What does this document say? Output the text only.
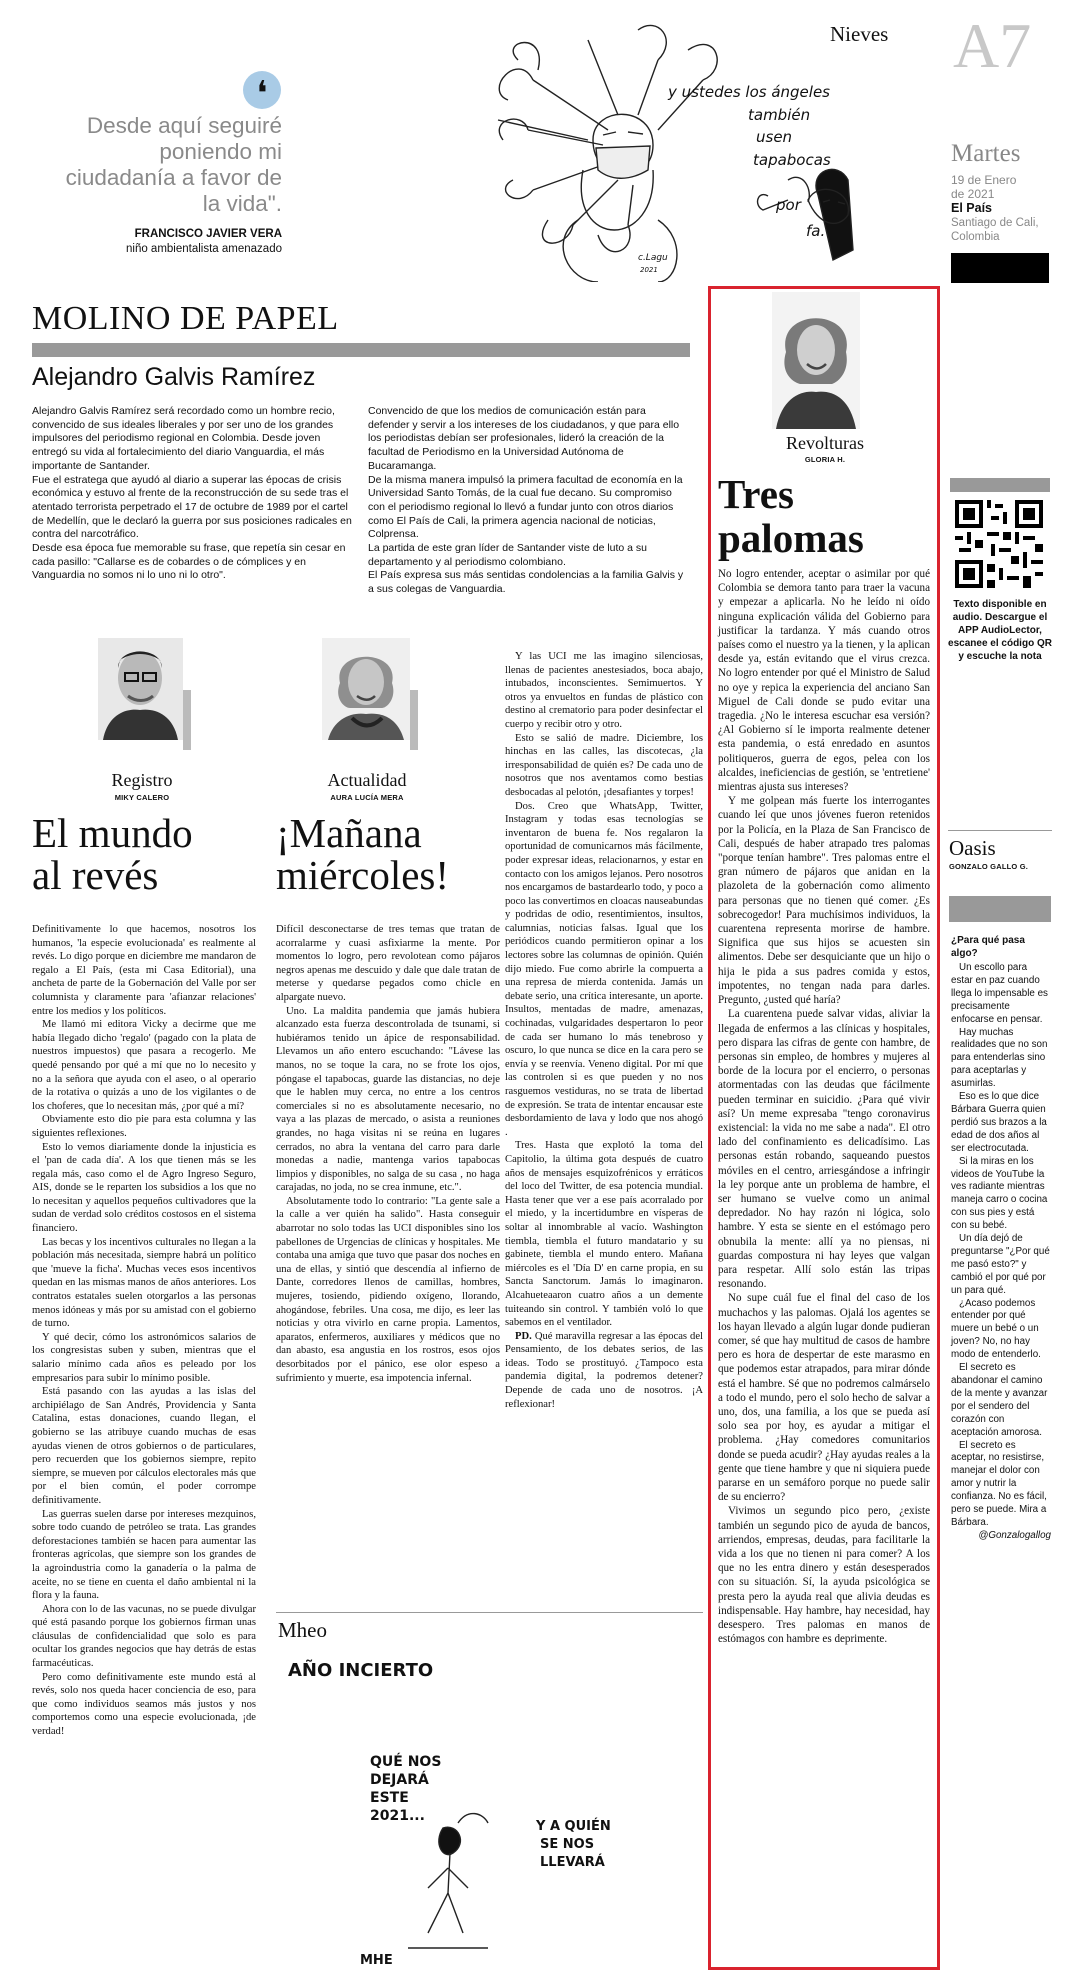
Nieves A7
Martes
19 de Enero
de 2021
El País
Santiago de Cali,
Colombia
❛
Desde aquí seguiré
poniendo mi
ciudadanía a favor de
la vida".
FRANCISCO JAVIER VERA
niño ambientalista amenazado
y ustedes los ángeles
también
usen
tapabocas
por
fa.
c.Lagu
2021
MOLINO DE PAPEL
Alejandro Galvis Ramírez

Alejandro Galvis Ramírez será recordado como un hombre recio, convencido de sus ideales liberales y por ser uno de los grandes impulsores del periodismo regional en Colombia. Desde joven entregó su vida al fortalecimiento del diario Vanguardia, el más importante de Santander.

Fue el estratega que ayudó al diario a superar las épocas de crisis económica y estuvo al frente de la reconstrucción de su sede tras el atentado terrorista perpetrado el 17 de octubre de 1989 por el cartel de Medellín, que le declaró la guerra por sus posiciones radicales en contra del narcotráfico.

Desde esa época fue memorable su frase, que repetía sin cesar en cada pasillo: "Callarse es de cobardes o de cómplices y en Vanguardia no somos ni lo uno ni lo otro".

Convencido de que los medios de comunicación están para defender y servir a los intereses de los ciudadanos, y que para ello los periodistas debían ser profesionales, lideró la creación de la facultad de Periodismo en la Universidad Autónoma de Bucaramanga.

De la misma manera impulsó la primera facultad de economía en la Universidad Santo Tomás, de la cual fue decano. Su compromiso con el periodismo regional lo llevó a fundar junto con otros diarios como El País de Cali, la primera agencia nacional de noticias, Colprensa.

La partida de este gran líder de Santander viste de luto a su departamento y al periodismo colombiano.

El País expresa sus más sentidas condolencias a la familia Galvis y a sus colegas de Vanguardia.

Registro
MIKY CALERO
El mundo
al revés

Definitivamente lo que hacemos, nosotros los humanos, 'la especie evolucionada' es realmente al revés. Lo digo porque en diciembre me mandaron de regalo a El País, (esta mi Casa Editorial), una ancheta de parte de la Gobernación del Valle por ser columnista y claramente para 'afianzar relaciones' entre los medios y los políticos.

Me llamó mi editora Vicky a decirme que me había llegado dicho 'regalo' (pagado con la plata de nuestros impuestos) que pasara a recogerlo. Me quedé pensando por qué a mí que no lo necesito y no a la señora que ayuda con el aseo, o al operario de la rotativa o quizás a uno de los vigilantes o de los choferes, que lo necesitan más, ¿por qué a mí?

Obviamente esto dio pie para esta columna y las siguientes reflexiones.

Esto lo vemos diariamente donde la injusticia es el 'pan de cada día'. A los que tienen más se les regala más, caso como el de Agro Ingreso Seguro, AIS, donde se le reparten los subsidios a los que no lo necesitan y aquellos pequeños cultivadores que la sudan de verdad solo créditos costosos en el sistema financiero.

Las becas y los incentivos culturales no llegan a la población más necesitada, siempre habrá un político que 'mueve la ficha'. Muchas veces esos incentivos quedan en las mismas manos de años anteriores. Los contratos estatales suelen otorgarlos a las personas menos idóneas y más por su amistad con el gobierno de turno.

Y qué decir, cómo los astronómicos salarios de los congresistas suben y suben, mientras que el salario mínimo cada años es peleado por los empresarios para subir lo mínimo posible.

Está pasando con las ayudas a las islas del archipiélago de San Andrés, Providencia y Santa Catalina, estas donaciones, cuando llegan, el gobierno se las atribuye cuando muchas de esas ayudas vienen de otros gobiernos o de particulares, pero recuerden que los gobiernos siempre, repito siempre, se mueven por cálculos electorales más que por el bien común, el poder corrompe definitivamente.

Las guerras suelen darse por intereses mezquinos, sobre todo cuando de petróleo se trata. Las grandes deforestaciones también se hacen para aumentar las fronteras agrícolas, que siempre son los grandes de la agroindustria como la ganadería o la palma de aceite, no se tiene en cuenta el daño ambiental ni la flora y la fauna.

Ahora con lo de las vacunas, no se puede divulgar qué está pasando porque los gobiernos firman unas cláusulas de confidencialidad que solo es para ocultar los grandes negocios que hay detrás de estas farmacéuticas.

Pero como definitivamente este mundo está al revés, solo nos queda hacer conciencia de eso, para que como individuos seamos más justos y nos comportemos como una especie evolucionada, ¡de verdad!

Actualidad
AURA LUCÍA MERA
¡Mañana
miércoles!

Difícil desconectarse de tres temas que tratan de acorralarme y cuasi asfixiarme la mente. Por momentos lo logro, pero revolotean como pájaros negros apenas me descuido y dale que dale tratan de meterse y quedarse pegados como chicle en alpargate nuevo.

Uno. La maldita pandemia que jamás hubiera alcanzado esta fuerza descontrolada de tsunami, si hubiéramos tenido un ápice de responsabilidad. Llevamos un año entero escuchando: "Lávese las manos, no se toque la cara, no se frote los ojos, póngase el tapabocas, guarde las distancias, no deje que le hablen muy cerca, no entre a los centros comerciales si no es absolutamente necesario, no vaya a las plazas de mercado, o asista a reuniones grandes, no haga visitas ni se reúna en lugares cerrados, no abra la ventana del carro para darle monedas a nadie, mantenga varios tapabocas limpios y disponibles, no salga de su casa , no haga carajadas, no joda, no se crea inmune, etc.".

Absolutamente todo lo contrario: "La gente sale a la calle a ver quién ha salido". Hasta conseguir abarrotar no solo todas las UCI disponibles sino los pabellones de Urgencias de clínicas y hospitales. Me contaba una amiga que tuvo que pasar dos noches en una de ellas, y sintió que descendía al infierno de Dante, corredores llenos de camillas, hombres, mujeres, tosiendo, pidiendo oxígeno, llorando, ahogándose, febriles. Una cosa, me dijo, es leer las noticias y otra vivirlo en carne propia. Lamentos, aparatos, enfermeros, auxiliares y médicos que no dan abasto, esa angustia en los rostros, esos ojos desorbitados por el pánico, ese olor espeso a sufrimiento y muerte, esa impotencia infernal.

Y las UCI me las imagino silenciosas, llenas de pacientes anestesiados, boca abajo, intubados, inconscientes. Semimuertos. Y otros ya envueltos en fundas de plástico con destino al crematorio para poder desinfectar el cuerpo y recibir otro y otro.

Esto se salió de madre. Diciembre, los hinchas en las calles, las discotecas, ¿la irresponsabilidad de quién es? De cada uno de nosotros que nos aventamos como bestias desbocadas al pelotón, ¡desafiantes y torpes!

Dos. Creo que WhatsApp, Twitter, Instagram y todas esas tecnologías se inventaron de buena fe. Nos regalaron la oportunidad de comunicarnos más fácilmente, poder expresar ideas, relacionarnos, y estar en contacto con los amigos lejanos. Pero nosotros nos encargamos de bastardearlo todo, y poco a poco las convertimos en cloacas nauseabundas y podridas de odio, resentimientos, insultos, calumnias, noticias falsas. Igual que los periódicos cuando permitieron opinar a los lectores sobre las columnas de opinión. Quién dijo miedo. Fue como abrirle la compuerta a una represa de mierda contenida. Jamás un debate serio, una crítica interesante, un aporte. Insultos, mentadas de madre, amenazas, cochinadas, vulgaridades despertaron lo peor de cada ser humano lo más tenebroso y oscuro, lo que nunca se dice en la cara pero se envía y se reenvía. Veneno digital. Por mí que las controlen si es que pueden y no nos rasguemos vestiduras, no se trata de libertad de expresión. Se trata de intentar encausar este desbordamiento de lava y lodo que nos ahogó .

Tres. Hasta que explotó la toma del Capitolio, la última gota después de cuatro años de mensajes esquizofrénicos y erráticos del loco del Twitter, de esa potencia mundial. Hasta tener que ver a ese país acorralado por el miedo, y la incertidumbre en vísperas de soltar al innombrable al vacío. Washington tiembla, tiembla el futuro mandatario y su gabinete, tiembla el mundo entero. Mañana miércoles es el 'Día D' en carne propia, en su Sancta Sanctorum. Jamás lo imaginaron. Alcahueteaaron cuatro años a un demente tuiteando sin control. Y también voló lo que sabemos en el ventilador.

PD. Qué maravilla regresar a las épocas del Pensamiento, de los debates serios, de las ideas. Todo se prostituyó. ¿Tampoco esta pandemia digital, la podremos detener? Depende de cada uno de nosotros. ¡A reflexionar!

Mheo
AÑO INCIERTO
QUÉ NOS
DEJARÁ
ESTE
2021...
Y A QUIÉN
SE NOS
LLEVARÁ
MHE
Revolturas
GLORIA H.
Tres
palomas

No logro entender, aceptar o asimilar por qué Colombia se demora tanto para traer la vacuna y empezar a aplicarla. No he leído ni oído ninguna explicación válida del Gobierno para justificar la tardanza. Y más cuando otros países como el nuestro ya la tienen, y la aplican desde ya, están evitando que el virus crezca. No logro entender por qué el Ministro de Salud no oye y repica la experiencia del anciano San Miguel de Cali donde se pudo evitar una tragedia. ¿No le interesa escuchar esa versión? ¿Al Gobierno sí le importa realmente detener esta pandemia, o está enredado en asuntos politiqueros, guerra de egos, pelea con los alcaldes, ineficiencias de gestión, se 'entretiene' mientras ajusta sus intereses?

Y me golpean más fuerte los interrogantes cuando leí que unos jóvenes fueron retenidos por la Policía, en la Plaza de San Francisco de Cali, después de haber atrapado tres palomas "porque tenían hambre". Tres palomas entre el gran número de pájaros que anidan en la plazoleta de la gobernación como alimento para personas que no tienen qué comer. ¿Es sobrecogedor! Para muchísimos individuos, la cuarentena representa morirse de hambre. Significa que sus hijos se acuesten sin alimentos. Debe ser desquiciante que un hijo o hija le pida a sus padres comida y estos, impotentes, no tengan nada para darles. Pregunto, ¿usted qué haría?

La cuarentena puede salvar vidas, aliviar la llegada de enfermos a las clínicas y hospitales, pero dispara las cifras de gente con hambre, de personas sin empleo, de hombres y mujeres al borde de la locura por el encierro, o personas atormentadas con las deudas que fácilmente pueden terminar en suicidio. ¿Para qué vivir así? Un meme expresaba "tengo coronavirus existencial: la vida no me sabe a nada". El otro lado del confinamiento es delicadísimo. Las personas están robando, saqueando puestos móviles en el centro, arriesgándose a infringir la ley porque ante un problema de hambre, el ser humano se vuelve como un animal depredador. No hay razón ni lógica, solo hambre. Y esta se siente en el estómago pero obnubila la mente: allí ya no piensas, ni guardas compostura ni hay leyes que valgan para respetar. Allí solo están las tripas resonando.

No supe cuál fue el final del caso de los muchachos y las palomas. Ojalá los agentes se los hayan llevado a algún lugar donde pudieran comer, sé que hay multitud de casos de hambre pero es hora de despertar de este marasmo en que podemos estar atrapados, para mirar dónde está el hambre. Sé que no podremos calmárselo a todo el mundo, pero el solo hecho de salvar a uno, dos, una familia, a los que se pueda así solo sea por hoy, es ayudar a mitigar el problema. ¿Hay comedores comunitarios donde se pueda acudir? ¿Hay ayudas reales a la gente que tiene hambre y que ni siquiera puede pararse en un semáforo porque no puede salir de su encierro?

Vivimos un segundo pico pero, ¿existe también un segundo pico de ayuda de bancos, arriendos, empresas, deudas, para facilitarle la vida a los que no tienen ni para comer? A los que no les entra dinero y están desesperados con su situación. Sí, la ayuda psicológica se presta pero la ayuda real que alivia deudas es indispensable. Hay hambre, hay necesidad, hay desespero. Tres palomas en manos de estómagos con hambre es deprimente.

Texto disponible en audio. Descargue el APP AudioLector, escanee el código QR y escuche la nota
Oasis
GONZALO GALLO G.
¿Para qué pasa algo?

Un escollo para estar en paz cuando llega lo impensable es precisamente enfocarse en pensar.

Hay muchas realidades que no son para entenderlas sino para aceptarlas y asumirlas.

Eso es lo que dice Bárbara Guerra quien perdió sus brazos a la edad de dos años al ser electrocutada.

Si la miras en los videos de YouTube la ves radiante mientras maneja carro o cocina con sus pies y está con su bebé.

Un día dejó de preguntarse "¿Por qué me pasó esto?" y cambió el por qué por un para qué.

¿Acaso podemos entender por qué muere un bebé o un joven? No, no hay modo de entenderlo.

El secreto es abandonar el camino de la mente y avanzar por el sendero del corazón con aceptación amorosa.

El secreto es aceptar, no resistirse, manejar el dolor con amor y nutrir la confianza. No es fácil, pero se puede. Mira a Bárbara.

@Gonzalogallog
